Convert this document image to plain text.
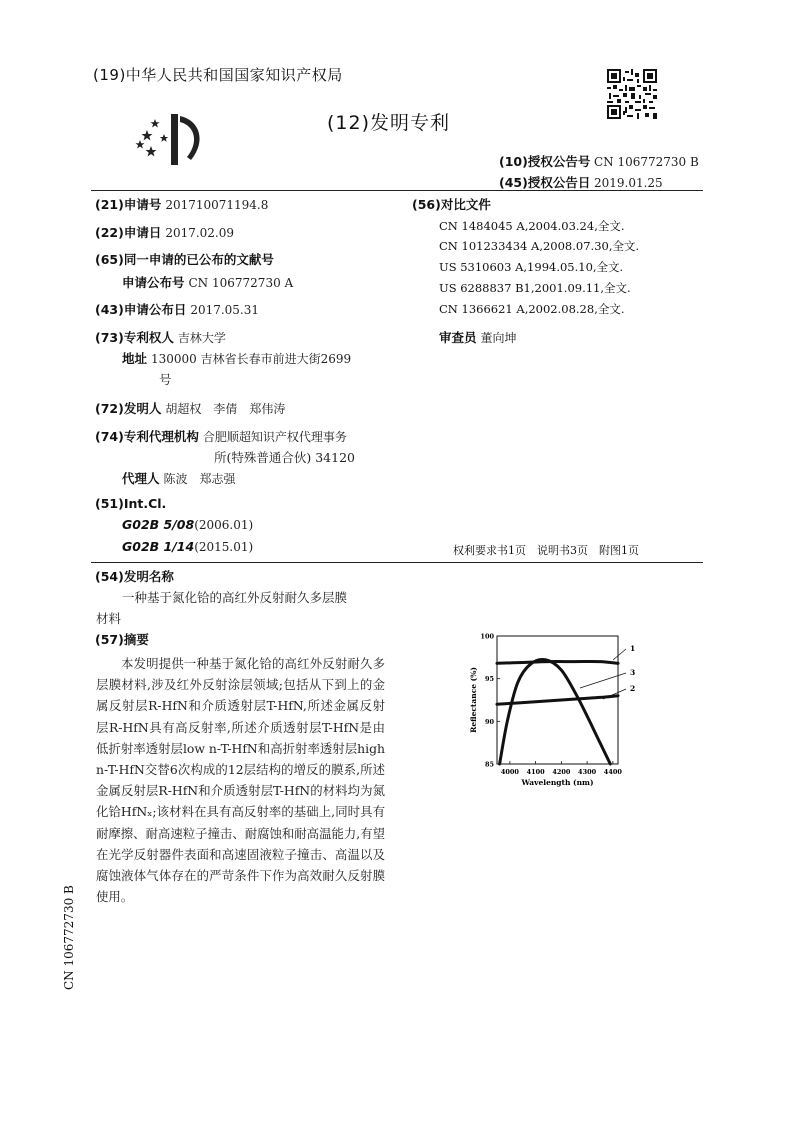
(19)中华人民共和国国家知识产权局
(12)发明专利
(10)授权公告号 CN 106772730 B
(45)授权公告日 2019.01.25
(21)申请号 201710071194.8
(22)申请日 2017.02.09
(65)同一申请的已公布的文献号
申请公布号 CN 106772730 A
(43)申请公布日 2017.05.31
(73)专利权人 吉林大学
地址 130000 吉林省长春市前进大街2699
号
(72)发明人 胡超权　李倩　郑伟涛
(74)专利代理机构 合肥顺超知识产权代理事务
所(特殊普通合伙) 34120
代理人 陈波　郑志强
(51)Int.Cl.
G02B 5/08(2006.01)
G02B 1/14(2015.01)
(56)对比文件
CN 1484045 A,2004.03.24,全文.
CN 101233434 A,2008.07.30,全文.
US 5310603 A,1994.05.10,全文.
US 6288837 B1,2001.09.11,全文.
CN 1366621 A,2002.08.28,全文.
审查员 董向坤
权利要求书1页　说明书3页　附图1页
(54)发明名称
一种基于氮化铪的高红外反射耐久多层膜
材料
(57)摘要
本发明提供一种基于氮化铪的高红外反射耐久多层膜材料,涉及红外反射涂层领域;包括从下到上的金属反射层R-HfN和介质透射层T-HfN,所述金属反射层R-HfN具有高反射率,所述介质透射层T-HfN是由低折射率透射层low n-T-HfN和高折射率透射层high n-T-HfN交替6次构成的12层结构的增反的膜系,所述金属反射层R-HfN和介质透射层T-HfN的材料均为氮化铪HfNₓ;该材料在具有高反射率的基础上,同时具有耐摩擦、耐高速粒子撞击、耐腐蚀和耐高温能力,有望在光学反射器件表面和高速固液粒子撞击、高温以及腐蚀液体气体存在的严苛条件下作为高效耐久反射膜使用。
4000 4100 4200 4300 4400
85
90
95
100
Wavelength (nm)
Reflectance (%)
1
2
3
CN 106772730 B
